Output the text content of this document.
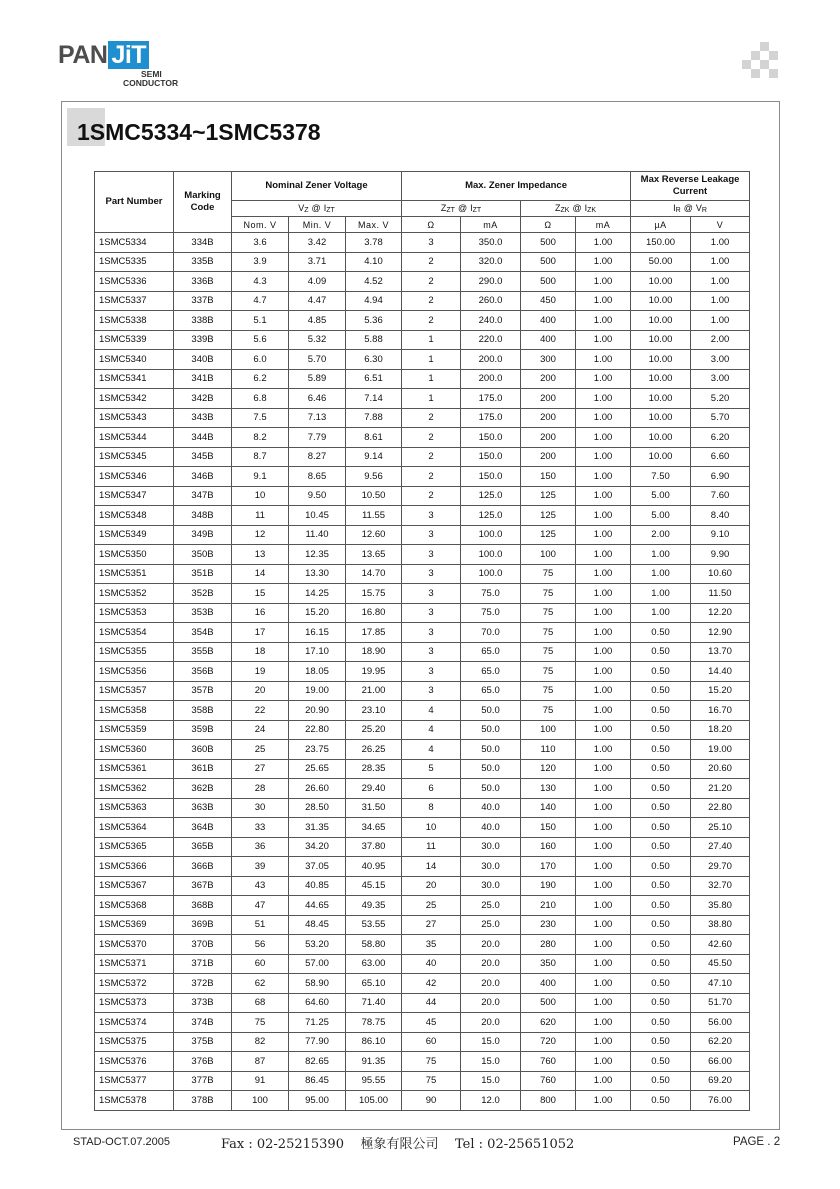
PAN JiT
SEMI
CONDUCTOR
1SMC5334~1SMC5378
Part Number	Marking Code	Nominal Zener Voltage			Max. Zener Impedance				Max Reverse Leakage Current	
		VZ @ IZT			ZZT @ IZT		ZZK @ IZK		IR @ VR	
		Nom. V	Min. V	Max. V	Ω	mA	Ω	mA	µA	V
1SMC5334	334B	3.6	3.42	3.78	3	350.0	500	1.00	150.00	1.00
1SMC5335	335B	3.9	3.71	4.10	2	320.0	500	1.00	50.00	1.00
1SMC5336	336B	4.3	4.09	4.52	2	290.0	500	1.00	10.00	1.00
1SMC5337	337B	4.7	4.47	4.94	2	260.0	450	1.00	10.00	1.00
1SMC5338	338B	5.1	4.85	5.36	2	240.0	400	1.00	10.00	1.00
1SMC5339	339B	5.6	5.32	5.88	1	220.0	400	1.00	10.00	2.00
1SMC5340	340B	6.0	5.70	6.30	1	200.0	300	1.00	10.00	3.00
1SMC5341	341B	6.2	5.89	6.51	1	200.0	200	1.00	10.00	3.00
1SMC5342	342B	6.8	6.46	7.14	1	175.0	200	1.00	10.00	5.20
1SMC5343	343B	7.5	7.13	7.88	2	175.0	200	1.00	10.00	5.70
1SMC5344	344B	8.2	7.79	8.61	2	150.0	200	1.00	10.00	6.20
1SMC5345	345B	8.7	8.27	9.14	2	150.0	200	1.00	10.00	6.60
1SMC5346	346B	9.1	8.65	9.56	2	150.0	150	1.00	7.50	6.90
1SMC5347	347B	10	9.50	10.50	2	125.0	125	1.00	5.00	7.60
1SMC5348	348B	11	10.45	11.55	3	125.0	125	1.00	5.00	8.40
1SMC5349	349B	12	11.40	12.60	3	100.0	125	1.00	2.00	9.10
1SMC5350	350B	13	12.35	13.65	3	100.0	100	1.00	1.00	9.90
1SMC5351	351B	14	13.30	14.70	3	100.0	75	1.00	1.00	10.60
1SMC5352	352B	15	14.25	15.75	3	75.0	75	1.00	1.00	11.50
1SMC5353	353B	16	15.20	16.80	3	75.0	75	1.00	1.00	12.20
1SMC5354	354B	17	16.15	17.85	3	70.0	75	1.00	0.50	12.90
1SMC5355	355B	18	17.10	18.90	3	65.0	75	1.00	0.50	13.70
1SMC5356	356B	19	18.05	19.95	3	65.0	75	1.00	0.50	14.40
1SMC5357	357B	20	19.00	21.00	3	65.0	75	1.00	0.50	15.20
1SMC5358	358B	22	20.90	23.10	4	50.0	75	1.00	0.50	16.70
1SMC5359	359B	24	22.80	25.20	4	50.0	100	1.00	0.50	18.20
1SMC5360	360B	25	23.75	26.25	4	50.0	110	1.00	0.50	19.00
1SMC5361	361B	27	25.65	28.35	5	50.0	120	1.00	0.50	20.60
1SMC5362	362B	28	26.60	29.40	6	50.0	130	1.00	0.50	21.20
1SMC5363	363B	30	28.50	31.50	8	40.0	140	1.00	0.50	22.80
1SMC5364	364B	33	31.35	34.65	10	40.0	150	1.00	0.50	25.10
1SMC5365	365B	36	34.20	37.80	11	30.0	160	1.00	0.50	27.40
1SMC5366	366B	39	37.05	40.95	14	30.0	170	1.00	0.50	29.70
1SMC5367	367B	43	40.85	45.15	20	30.0	190	1.00	0.50	32.70
1SMC5368	368B	47	44.65	49.35	25	25.0	210	1.00	0.50	35.80
1SMC5369	369B	51	48.45	53.55	27	25.0	230	1.00	0.50	38.80
1SMC5370	370B	56	53.20	58.80	35	20.0	280	1.00	0.50	42.60
1SMC5371	371B	60	57.00	63.00	40	20.0	350	1.00	0.50	45.50
1SMC5372	372B	62	58.90	65.10	42	20.0	400	1.00	0.50	47.10
1SMC5373	373B	68	64.60	71.40	44	20.0	500	1.00	0.50	51.70
1SMC5374	374B	75	71.25	78.75	45	20.0	620	1.00	0.50	56.00
1SMC5375	375B	82	77.90	86.10	60	15.0	720	1.00	0.50	62.20
1SMC5376	376B	87	82.65	91.35	75	15.0	760	1.00	0.50	66.00
1SMC5377	377B	91	86.45	95.55	75	15.0	760	1.00	0.50	69.20
1SMC5378	378B	100	95.00	105.00	90	12.0	800	1.00	0.50	76.00
STAD-OCT.07.2005	Fax : 02-25215390    極象有限公司    Tel : 02-25651052	PAGE . 2
